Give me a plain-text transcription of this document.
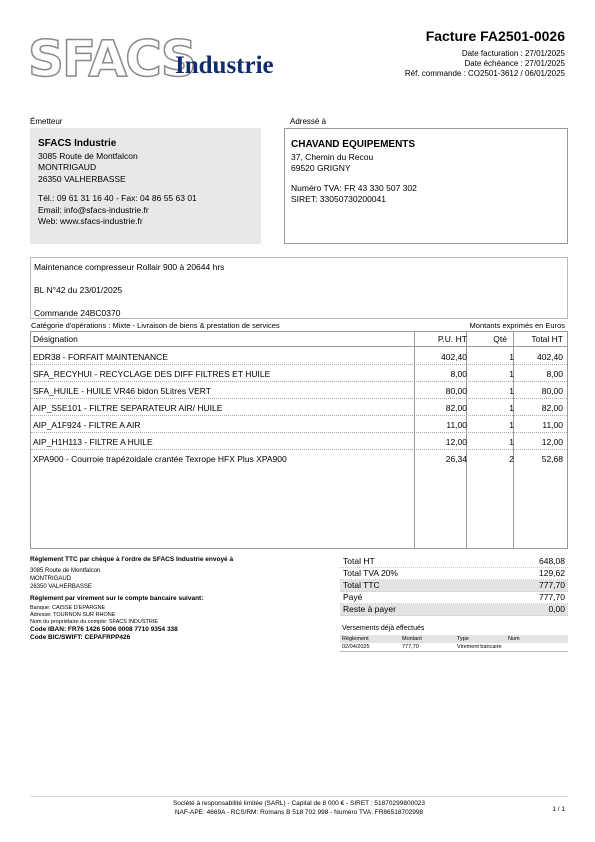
SFACS
Industrie
Facture FA2501-0026
Date facturation : 27/01/2025
Date échéance : 27/01/2025
Réf. commande : CO2501-3612 / 06/01/2025
Émetteur	Adressé à
SFACS Industrie
3085 Route de Montfalcon
MONTRIGAUD
26350 VALHERBASSE
Tél.: 09 61 31 16 40 - Fax: 04 86 55 63 01
Email: info@sfacs-industrie.fr
Web: www.sfacs-industrie.fr
CHAVAND EQUIPEMENTS
37, Chemin du Recou
69520 GRIGNY
Numéro TVA: FR 43 330 507 302
SIRET: 33050730200041
Maintenance compresseur Rollair 900 à 20644 hrs
BL N°42 du 23/01/2025
Commande 24BC0370
Catégorie d'opérations : Mixte - Livraison de biens & prestation de services	Montants exprimés en Euros
Désignation	P.U. HT	Qté	Total HT
EDR38 - FORFAIT MAINTENANCE	402,40	1	402,40
SFA_RECYHUI - RECYCLAGE DES DIFF FILTRES ET HUILE	8,00	1	8,00
SFA_HUILE - HUILE VR46 bidon 5Litres VERT	80,00	1	80,00
AIP_S5E101 - FILTRE SEPARATEUR AIR/ HUILE	82,00	1	82,00
AIP_A1F924 - FILTRE A AIR	11,00	1	11,00
AIP_H1H113 - FILTRE A HUILE	12,00	1	12,00
XPA900 - Courroie trapézoidale crantée Texrope HFX Plus XPA900	26,34	2	52,68
Règlement TTC par chèque à l'ordre de SFACS Industrie envoyé à
3085 Route de Montfalcon
MONTRIGAUD
26350 VALHERBASSE
Règlement par virement sur le compte bancaire suivant:
Banque: CAISSE D'EPARGNE
Adresse: TOURNON SUR RHONE
Nom du propriétaire du compte: SFACS INDUSTRIE
Code IBAN: FR76 1426 5006 0008 7710 9354 338
Code BIC/SWIFT: CEPAFRPP426
Total HT	648,08
Total TVA 20%	129,62
Total TTC	777,70
Payé	777,70
Reste à payer	0,00
Versements déjà effectués
Règlement	Montant	Type	Num
02/04/2025	777,70	Virement bancaire
Société à responsabilité limitée (SARL) - Capital de 8 000 € - SIRET : 51870299800023
NAF-APE: 4669A - RCS/RM: Romans B 518 702 998 - Numéro TVA: FR86518702998	1 / 1
